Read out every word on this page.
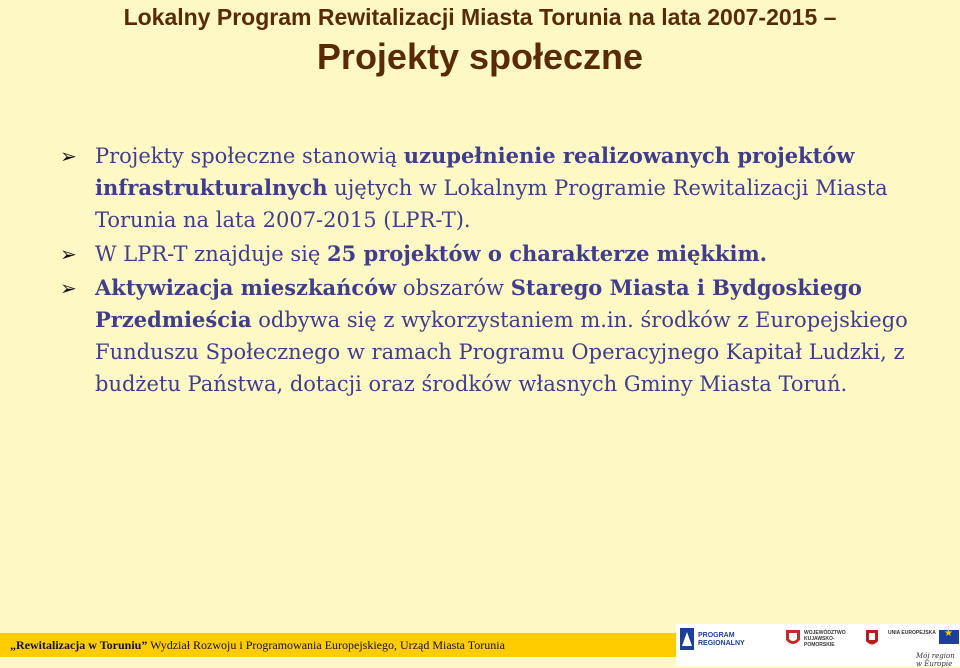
Lokalny Program Rewitalizacji Miasta Torunia na lata 2007-2015 –
Projekty społeczne
➢ Projekty społeczne stanowią uzupełnienie realizowanych projektów infrastrukturalnych ujętych w Lokalnym Programie Rewitalizacji Miasta Torunia na lata 2007-2015 (LPR-T).
➢ W LPR-T znajduje się 25 projektów o charakterze miękkim.
➢ Aktywizacja mieszkańców obszarów Starego Miasta i Bydgoskiego Przedmieścia odbywa się z wykorzystaniem m.in. środków z Europejskiego Funduszu Społecznego w ramach Programu Operacyjnego Kapitał Ludzki, z budżetu Państwa, dotacji oraz środków własnych Gminy Miasta Toruń.
„Rewitalizacja w Toruniu” Wydział Rozwoju i Programowania Europejskiego, Urząd Miasta Torunia
PROGRAM REGIONALNY
WOJEWÓDZTWO KUJAWSKO-POMORSKIE
UNIA EUROPEJSKA
★
Mój region w Europie
